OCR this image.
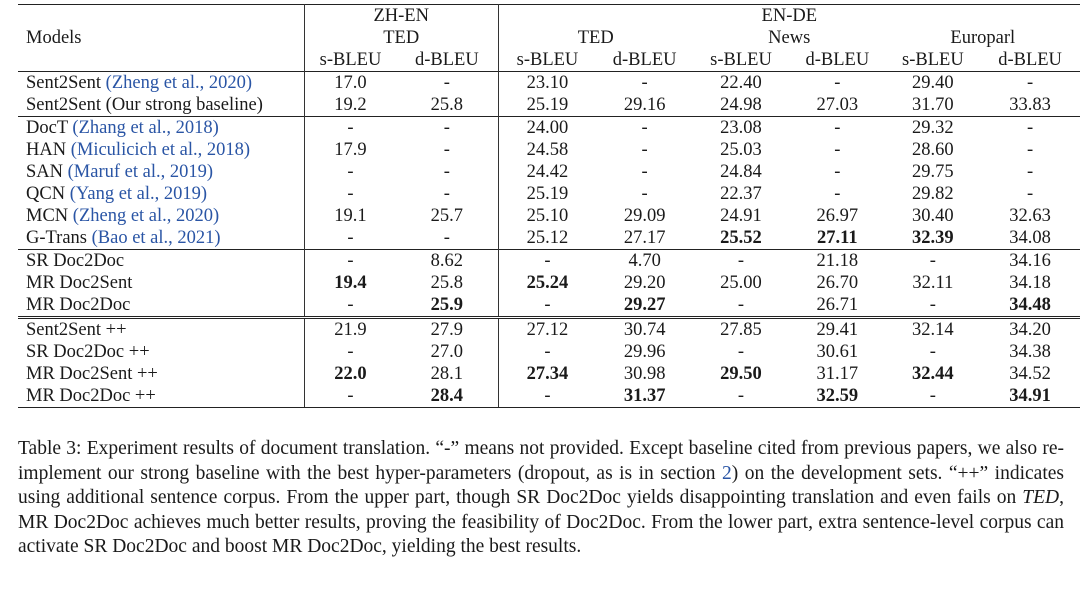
Models	ZH-EN		EN-DE					
	TED		TED		News		Europarl	
	s-BLEU	d-BLEU	s-BLEU	d-BLEU	s-BLEU	d-BLEU	s-BLEU	d-BLEU
Sent2Sent (Zheng et al., 2020)	17.0	-	23.10	-	22.40	-	29.40	-
Sent2Sent (Our strong baseline)	19.2	25.8	25.19	29.16	24.98	27.03	31.70	33.83
DocT (Zhang et al., 2018)	-	-	24.00	-	23.08	-	29.32	-
HAN (Miculicich et al., 2018)	17.9	-	24.58	-	25.03	-	28.60	-
SAN (Maruf et al., 2019)	-	-	24.42	-	24.84	-	29.75	-
QCN (Yang et al., 2019)	-	-	25.19	-	22.37	-	29.82	-
MCN (Zheng et al., 2020)	19.1	25.7	25.10	29.09	24.91	26.97	30.40	32.63
G-Trans (Bao et al., 2021)	-	-	25.12	27.17	25.52	27.11	32.39	34.08
SR Doc2Doc	-	8.62	-	4.70	-	21.18	-	34.16
MR Doc2Sent	19.4	25.8	25.24	29.20	25.00	26.70	32.11	34.18
MR Doc2Doc	-	25.9	-	29.27	-	26.71	-	34.48
Sent2Sent ++	21.9	27.9	27.12	30.74	27.85	29.41	32.14	34.20
SR Doc2Doc ++	-	27.0	-	29.96	-	30.61	-	34.38
MR Doc2Sent ++	22.0	28.1	27.34	30.98	29.50	31.17	32.44	34.52
MR Doc2Doc ++	-	28.4	-	31.37	-	32.59	-	34.91

Table 3: Experiment results of document translation. “-” means not provided. Except baseline cited from previous papers, we also re-implement our strong baseline with the best hyper-parameters (dropout, as is in section 2) on the development sets. “++” indicates using additional sentence corpus. From the upper part, though SR Doc2Doc yields disappointing translation and even fails on TED, MR Doc2Doc achieves much better results, proving the feasibility of Doc2Doc. From the lower part, extra sentence-level corpus can activate SR Doc2Doc and boost MR Doc2Doc, yielding the best results.
